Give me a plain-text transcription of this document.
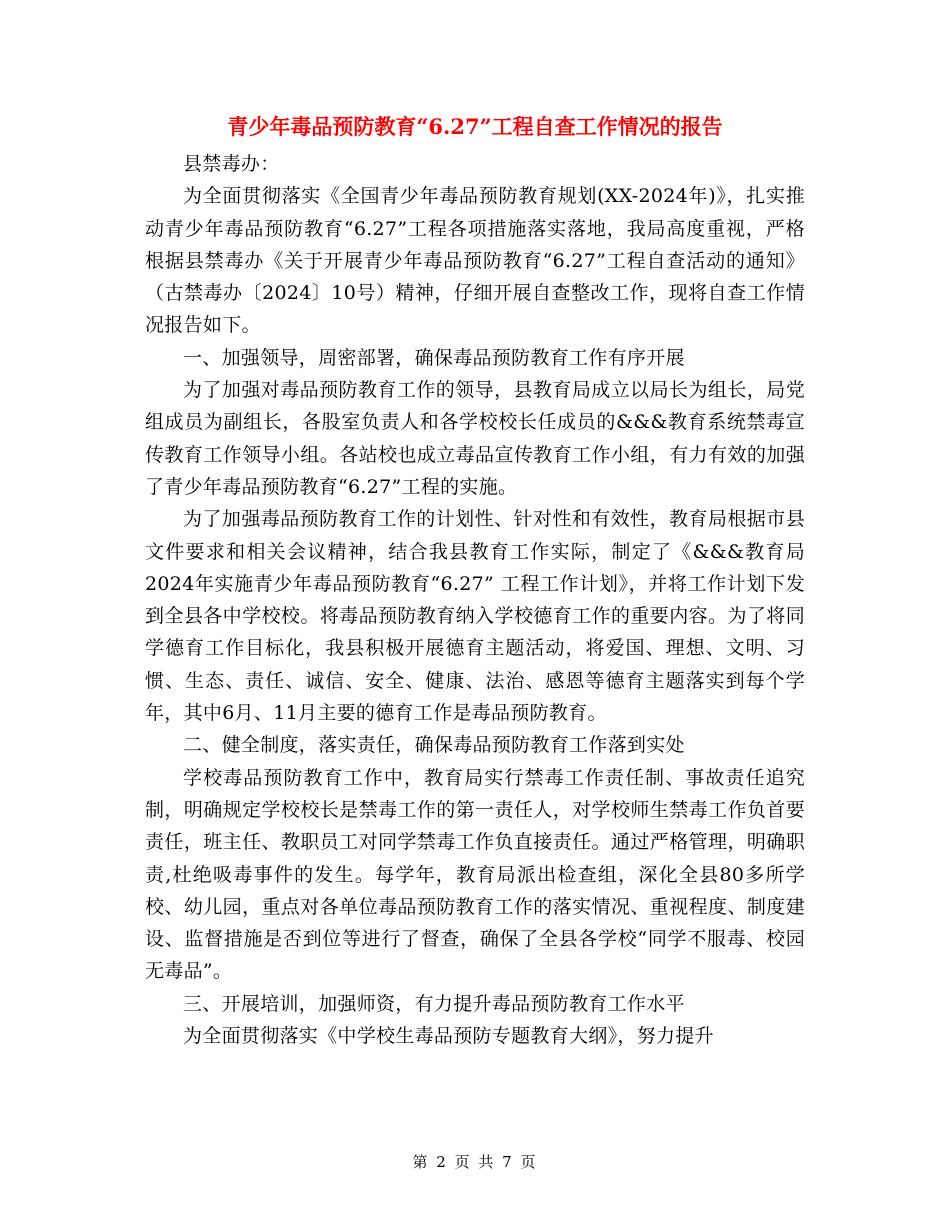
青少年毒品预防教育“6.27”工程自查工作情况的报告

县禁毒办：

为全面贯彻落实《全国青少年毒品预防教育规划(XX-2024年)》，扎实推动青少年毒品预防教育“6.27”工程各项措施落实落地，我局高度重视，严格根据县禁毒办《关于开展青少年毒品预防教育“6.27”工程自查活动的通知》（古禁毒办〔2024〕10号）精神，仔细开展自查整改工作，现将自查工作情况报告如下。

一、加强领导，周密部署，确保毒品预防教育工作有序开展

为了加强对毒品预防教育工作的领导，县教育局成立以局长为组长，局党组成员为副组长，各股室负责人和各学校校长任成员的&&&教育系统禁毒宣传教育工作领导小组。各站校也成立毒品宣传教育工作小组，有力有效的加强了青少年毒品预防教育“6.27”工程的实施。

为了加强毒品预防教育工作的计划性、针对性和有效性，教育局根据市县文件要求和相关会议精神，结合我县教育工作实际，制定了《&&&教育局2024年实施青少年毒品预防教育“6.27” 工程工作计划》，并将工作计划下发到全县各中学校校。将毒品预防教育纳入学校德育工作的重要内容。为了将同学德育工作目标化，我县积极开展德育主题活动，将爱国、理想、文明、习惯、生态、责任、诚信、安全、健康、法治、感恩等德育主题落实到每个学年，其中6月、11月主要的德育工作是毒品预防教育。

二、健全制度，落实责任，确保毒品预防教育工作落到实处

学校毒品预防教育工作中，教育局实行禁毒工作责任制、事故责任追究制，明确规定学校校长是禁毒工作的第一责任人，对学校师生禁毒工作负首要责任，班主任、教职员工对同学禁毒工作负直接责任。通过严格管理，明确职责,杜绝吸毒事件的发生。每学年，教育局派出检查组，深化全县80多所学校、幼儿园，重点对各单位毒品预防教育工作的落实情况、重视程度、制度建设、监督措施是否到位等进行了督查，确保了全县各学校“同学不服毒、校园无毒品”。

三、开展培训，加强师资，有力提升毒品预防教育工作水平

为全面贯彻落实《中学校生毒品预防专题教育大纲》，努力提升

第 2 页 共 7 页
